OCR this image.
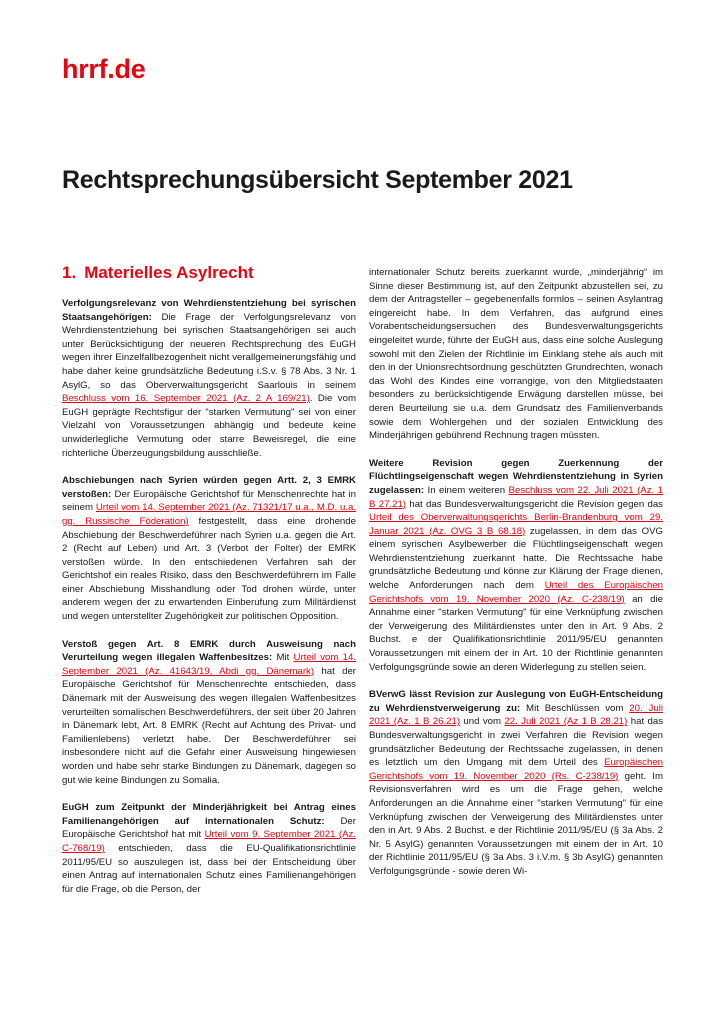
hrrf.de
Rechtsprechungsübersicht September 2021
1. Materielles Asylrecht

Verfolgungsrelevanz von Wehrdienstentziehung bei syrischen Staatsangehörigen: Die Frage der Verfolgungsrelevanz von Wehrdienstentziehung bei syrischen Staatsangehörigen sei auch unter Berücksichtigung der neueren Rechtsprechung des EuGH wegen ihrer Einzelfallbezogenheit nicht verallgemeinerungsfähig und habe daher keine grundsätzliche Bedeutung i.S.v. § 78 Abs. 3 Nr. 1 AsylG, so das Oberverwaltungsgericht Saarlouis in seinem Beschluss vom 16. September 2021 (Az. 2 A 169/21). Die vom EuGH geprägte Rechtsfigur der "starken Vermutung" sei von einer Vielzahl von Voraussetzungen abhängig und bedeute keine unwiderlegliche Vermutung oder starre Beweisregel, die eine richterliche Überzeugungsbildung ausschließe.

Abschiebungen nach Syrien würden gegen Artt. 2, 3 EMRK verstoßen: Der Europäische Gerichtshof für Menschenrechte hat in seinem Urteil vom 14. September 2021 (Az. 71321/17 u.a., M.D. u.a. gg. Russische Föderation) festgestellt, dass eine drohende Abschiebung der Beschwerdeführer nach Syrien u.a. gegen die Art. 2 (Recht auf Leben) und Art. 3 (Verbot der Folter) der EMRK verstoßen würde. In den entschiedenen Verfahren sah der Gerichtshof ein reales Risiko, dass den Beschwerdeführern im Falle einer Abschiebung Misshandlung oder Tod drohen würde, unter anderem wegen der zu erwartenden Einberufung zum Militärdienst und wegen unterstellter Zugehörigkeit zur politischen Opposition.

Verstoß gegen Art. 8 EMRK durch Ausweisung nach Verurteilung wegen illegalen Waffenbesitzes: Mit Urteil vom 14. September 2021 (Az. 41643/19, Abdi gg. Dänemark) hat der Europäische Gerichtshof für Menschenrechte entschieden, dass Dänemark mit der Ausweisung des wegen illegalen Waffenbesitzes verurteilten somalischen Beschwerdeführers, der seit über 20 Jahren in Dänemark lebt, Art. 8 EMRK (Recht auf Achtung des Privat- und Familienlebens) verletzt habe. Der Beschwerdeführer sei insbesondere nicht auf die Gefahr einer Ausweisung hingewiesen worden und habe sehr starke Bindungen zu Dänemark, dagegen so gut wie keine Bindungen zu Somalia.

EuGH zum Zeitpunkt der Minderjährigkeit bei Antrag eines Familienangehörigen auf internationalen Schutz: Der Europäische Gerichtshof hat mit Urteil vom 9. September 2021 (Az. C-768/19) entschieden, dass die EU-Qualifikationsrichtlinie 2011/95/EU so auszulegen ist, dass bei der Entscheidung über einen Antrag auf internationalen Schutz eines Familienangehörigen für die Frage, ob die Person, der

internationaler Schutz bereits zuerkannt wurde, „minderjährig“ im Sinne dieser Bestimmung ist, auf den Zeitpunkt abzustellen sei, zu dem der Antragsteller – gegebenenfalls formlos – seinen Asylantrag eingereicht habe. In dem Verfahren, das aufgrund eines Vorabentscheidungsersuchen des Bundesverwaltungsgerichts eingeleitet wurde, führte der EuGH aus, dass eine solche Auslegung sowohl mit den Zielen der Richtlinie im Einklang stehe als auch mit den in der Unionsrechtsordnung geschützten Grundrechten, wonach das Wohl des Kindes eine vorrangige, von den Mitgliedstaaten besonders zu berücksichtigende Erwägung darstellen müsse, bei deren Beurteilung sie u.a. dem Grundsatz des Familienverbands sowie dem Wohlergehen und der sozialen Entwicklung des Minderjährigen gebührend Rechnung tragen müssten.

Weitere Revision gegen Zuerkennung der Flüchtlingseigenschaft wegen Wehrdienstentziehung in Syrien zugelassen: In einem weiteren Beschluss vom 22. Juli 2021 (Az. 1 B 27.21) hat das Bundesverwaltungsgericht die Revision gegen das Urteil des Oberverwaltungsgerichts Berlin-Brandenburg vom 29. Januar 2021 (Az. OVG 3 B 68.18) zugelassen, in dem das OVG einem syrischen Asylbewerber die Flüchtlingseigenschaft wegen Wehrdienstentziehung zuerkannt hatte. Die Rechtssache habe grundsätzliche Bedeutung und könne zur Klärung der Frage dienen, welche Anforderungen nach dem Urteil des Europäischen Gerichtshofs vom 19. November 2020 (Az. C-238/19) an die Annahme einer "starken Vermutung" für eine Verknüpfung zwischen der Verweigerung des Militärdienstes unter den in Art. 9 Abs. 2 Buchst. e der Qualifikationsrichtlinie 2011/95/EU genannten Voraussetzungen mit einem der in Art. 10 der Richtlinie genannten Verfolgungsgründe sowie an deren Widerlegung zu stellen seien.

BVerwG lässt Revision zur Auslegung von EuGH-Entscheidung zu Wehrdienstverweigerung zu: Mit Beschlüssen vom 20. Juli 2021 (Az. 1 B 26.21) und vom 22. Juli 2021 (Az 1 B 28.21) hat das Bundesverwaltungsgericht in zwei Verfahren die Revision wegen grundsätzlicher Bedeutung der Rechtssache zugelassen, in denen es letztlich um den Umgang mit dem Urteil des Europäischen Gerichtshofs vom 19. November 2020 (Rs. C-238/19) geht. Im Revisionsverfahren wird es um die Frage gehen, welche Anforderungen an die Annahme einer "starken Vermutung" für eine Verknüpfung zwischen der Verweigerung des Militärdienstes unter den in Art. 9 Abs. 2 Buchst. e der Richtlinie 2011/95/EU (§ 3a Abs. 2 Nr. 5 AsylG) genannten Voraussetzungen mit einem der in Art. 10 der Richtlinie 2011/95/EU (§ 3a Abs. 3 i.V.m. § 3b AsylG) genannten Verfolgungsgründe - sowie deren Wi-
